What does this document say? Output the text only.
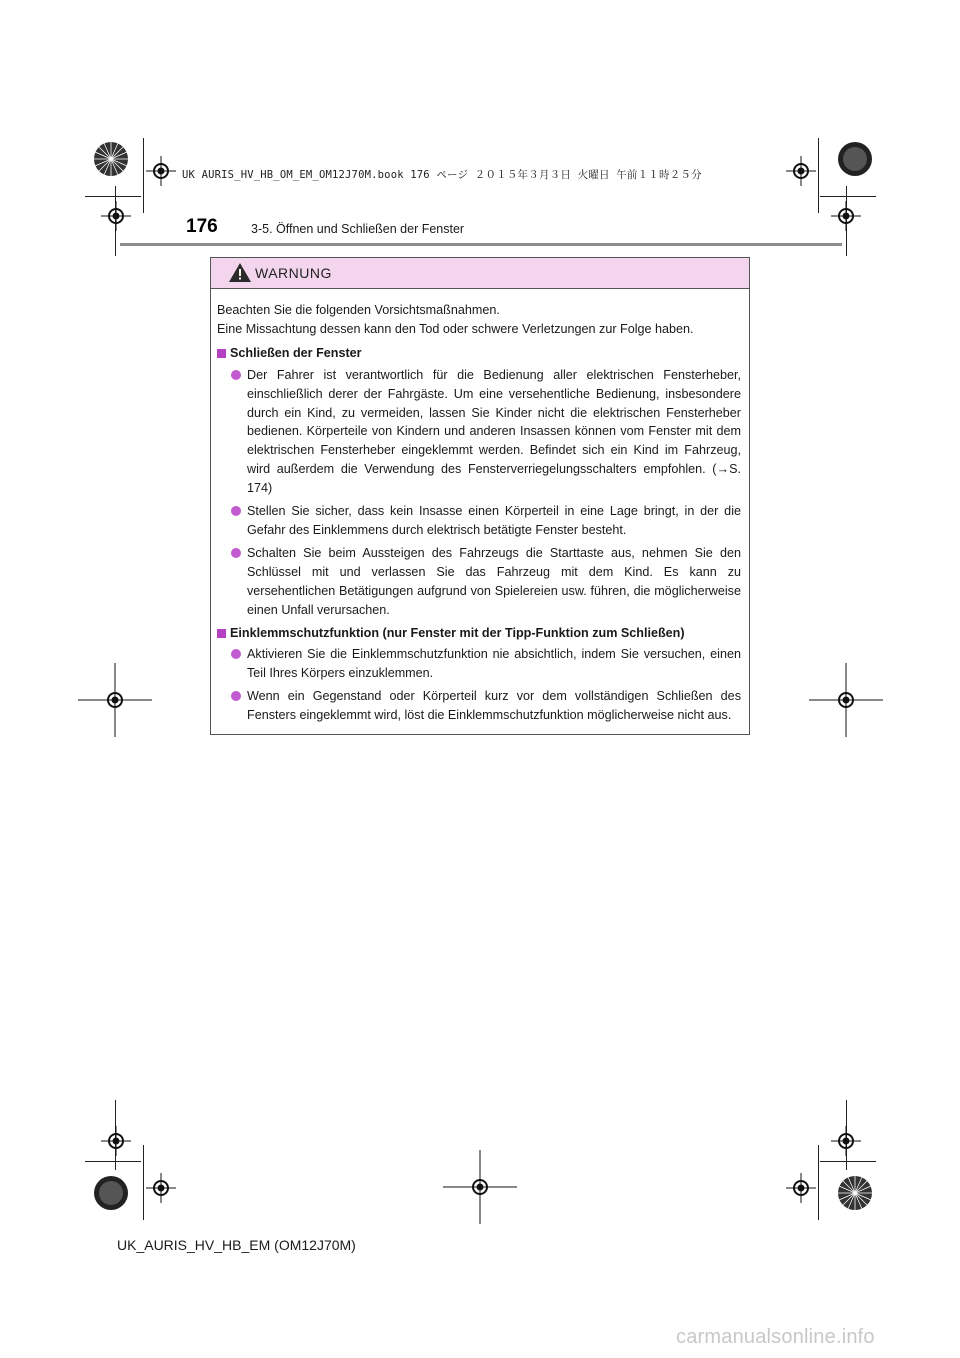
UK AURIS_HV_HB_OM_EM_OM12J70M.book 176 ページ ２０１５年３月３日 火曜日 午前１１時２５分
176	3-5. Öffnen und Schließen der Fenster
WARNUNG

Beachten Sie die folgenden Vorsichtsmaßnahmen.

Eine Missachtung dessen kann den Tod oder schwere Verletzungen zur Folge haben.

Schließen der Fenster
Der Fahrer ist verantwortlich für die Bedienung aller elektrischen Fensterheber, einschließlich derer der Fahrgäste. Um eine versehentliche Bedienung, insbesondere durch ein Kind, zu vermeiden, lassen Sie Kinder nicht die elektrischen Fensterheber bedienen. Körperteile von Kindern und anderen Insassen können vom Fenster mit dem elektrischen Fensterheber eingeklemmt werden. Befindet sich ein Kind im Fahrzeug, wird außerdem die Verwendung des Fensterverriegelungsschalters empfohlen. (→S. 174)
Stellen Sie sicher, dass kein Insasse einen Körperteil in eine Lage bringt, in der die Gefahr des Einklemmens durch elektrisch betätigte Fenster besteht.
Schalten Sie beim Aussteigen des Fahrzeugs die Starttaste aus, nehmen Sie den Schlüssel mit und verlassen Sie das Fahrzeug mit dem Kind. Es kann zu versehentlichen Betätigungen aufgrund von Spielereien usw. führen, die möglicherweise einen Unfall verursachen.
Einklemmschutzfunktion (nur Fenster mit der Tipp-Funktion zum Schließen)
Aktivieren Sie die Einklemmschutzfunktion nie absichtlich, indem Sie versuchen, einen Teil Ihres Körpers einzuklemmen.
Wenn ein Gegenstand oder Körperteil kurz vor dem vollständigen Schließen des Fensters eingeklemmt wird, löst die Einklemmschutzfunktion möglicherweise nicht aus.
UK_AURIS_HV_HB_EM (OM12J70M)
carmanualsonline.info
